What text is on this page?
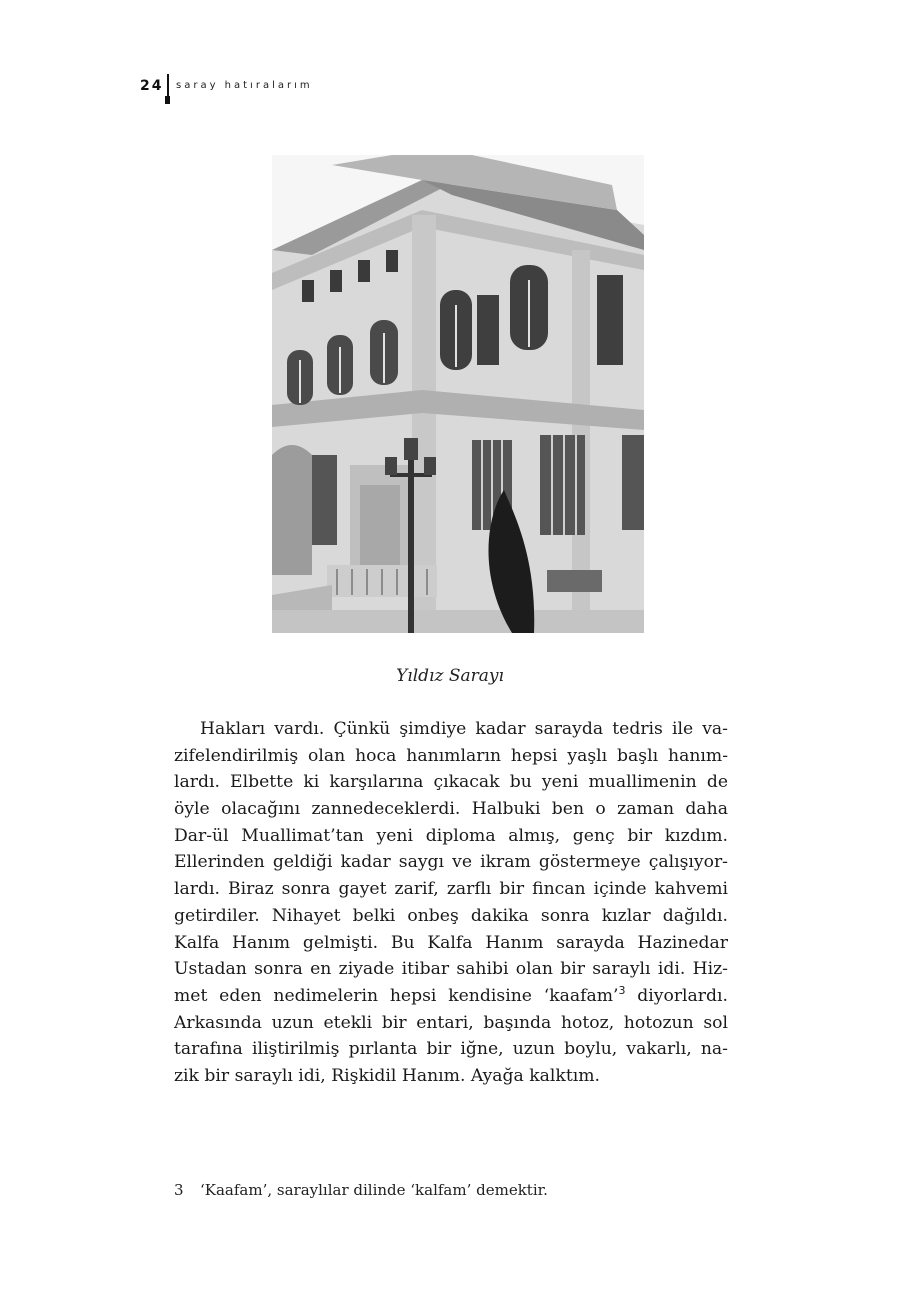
24 saray hatıralarım
Yıldız Sarayı
Hakları vardı. Çünkü şimdiye kadar sarayda tedris ile va-
zifelendirilmiş olan hoca hanımların hepsi yaşlı başlı hanım-
lardı. Elbette ki karşılarına çıkacak bu yeni muallimenin de
öyle olacağını zannedeceklerdi. Halbuki ben o zaman daha
Dar-ül Muallimat’tan yeni diploma almış, genç bir kızdım.
Ellerinden geldiği kadar saygı ve ikram göstermeye çalışıyor-
lardı. Biraz sonra gayet zarif, zarflı bir fincan içinde kahvemi
getirdiler. Nihayet belki onbeş dakika sonra kızlar dağıldı.
Kalfa Hanım gelmişti. Bu Kalfa Hanım sarayda Hazinedar
Ustadan sonra en ziyade itibar sahibi olan bir saraylı idi. Hiz-
met eden nedimelerin hepsi kendisine ‘kaafam’$^3$ diyorlardı.
Arkasında uzun etekli bir entari, başında hotoz, hotozun sol
tarafına iliştirilmiş pırlanta bir iğne, uzun boylu, vakarlı, na-
zik bir saraylı idi, Rişkidil Hanım. Ayağa kalktım.
3 ‘Kaafam’, saraylılar dilinde ‘kalfam’ demektir.
